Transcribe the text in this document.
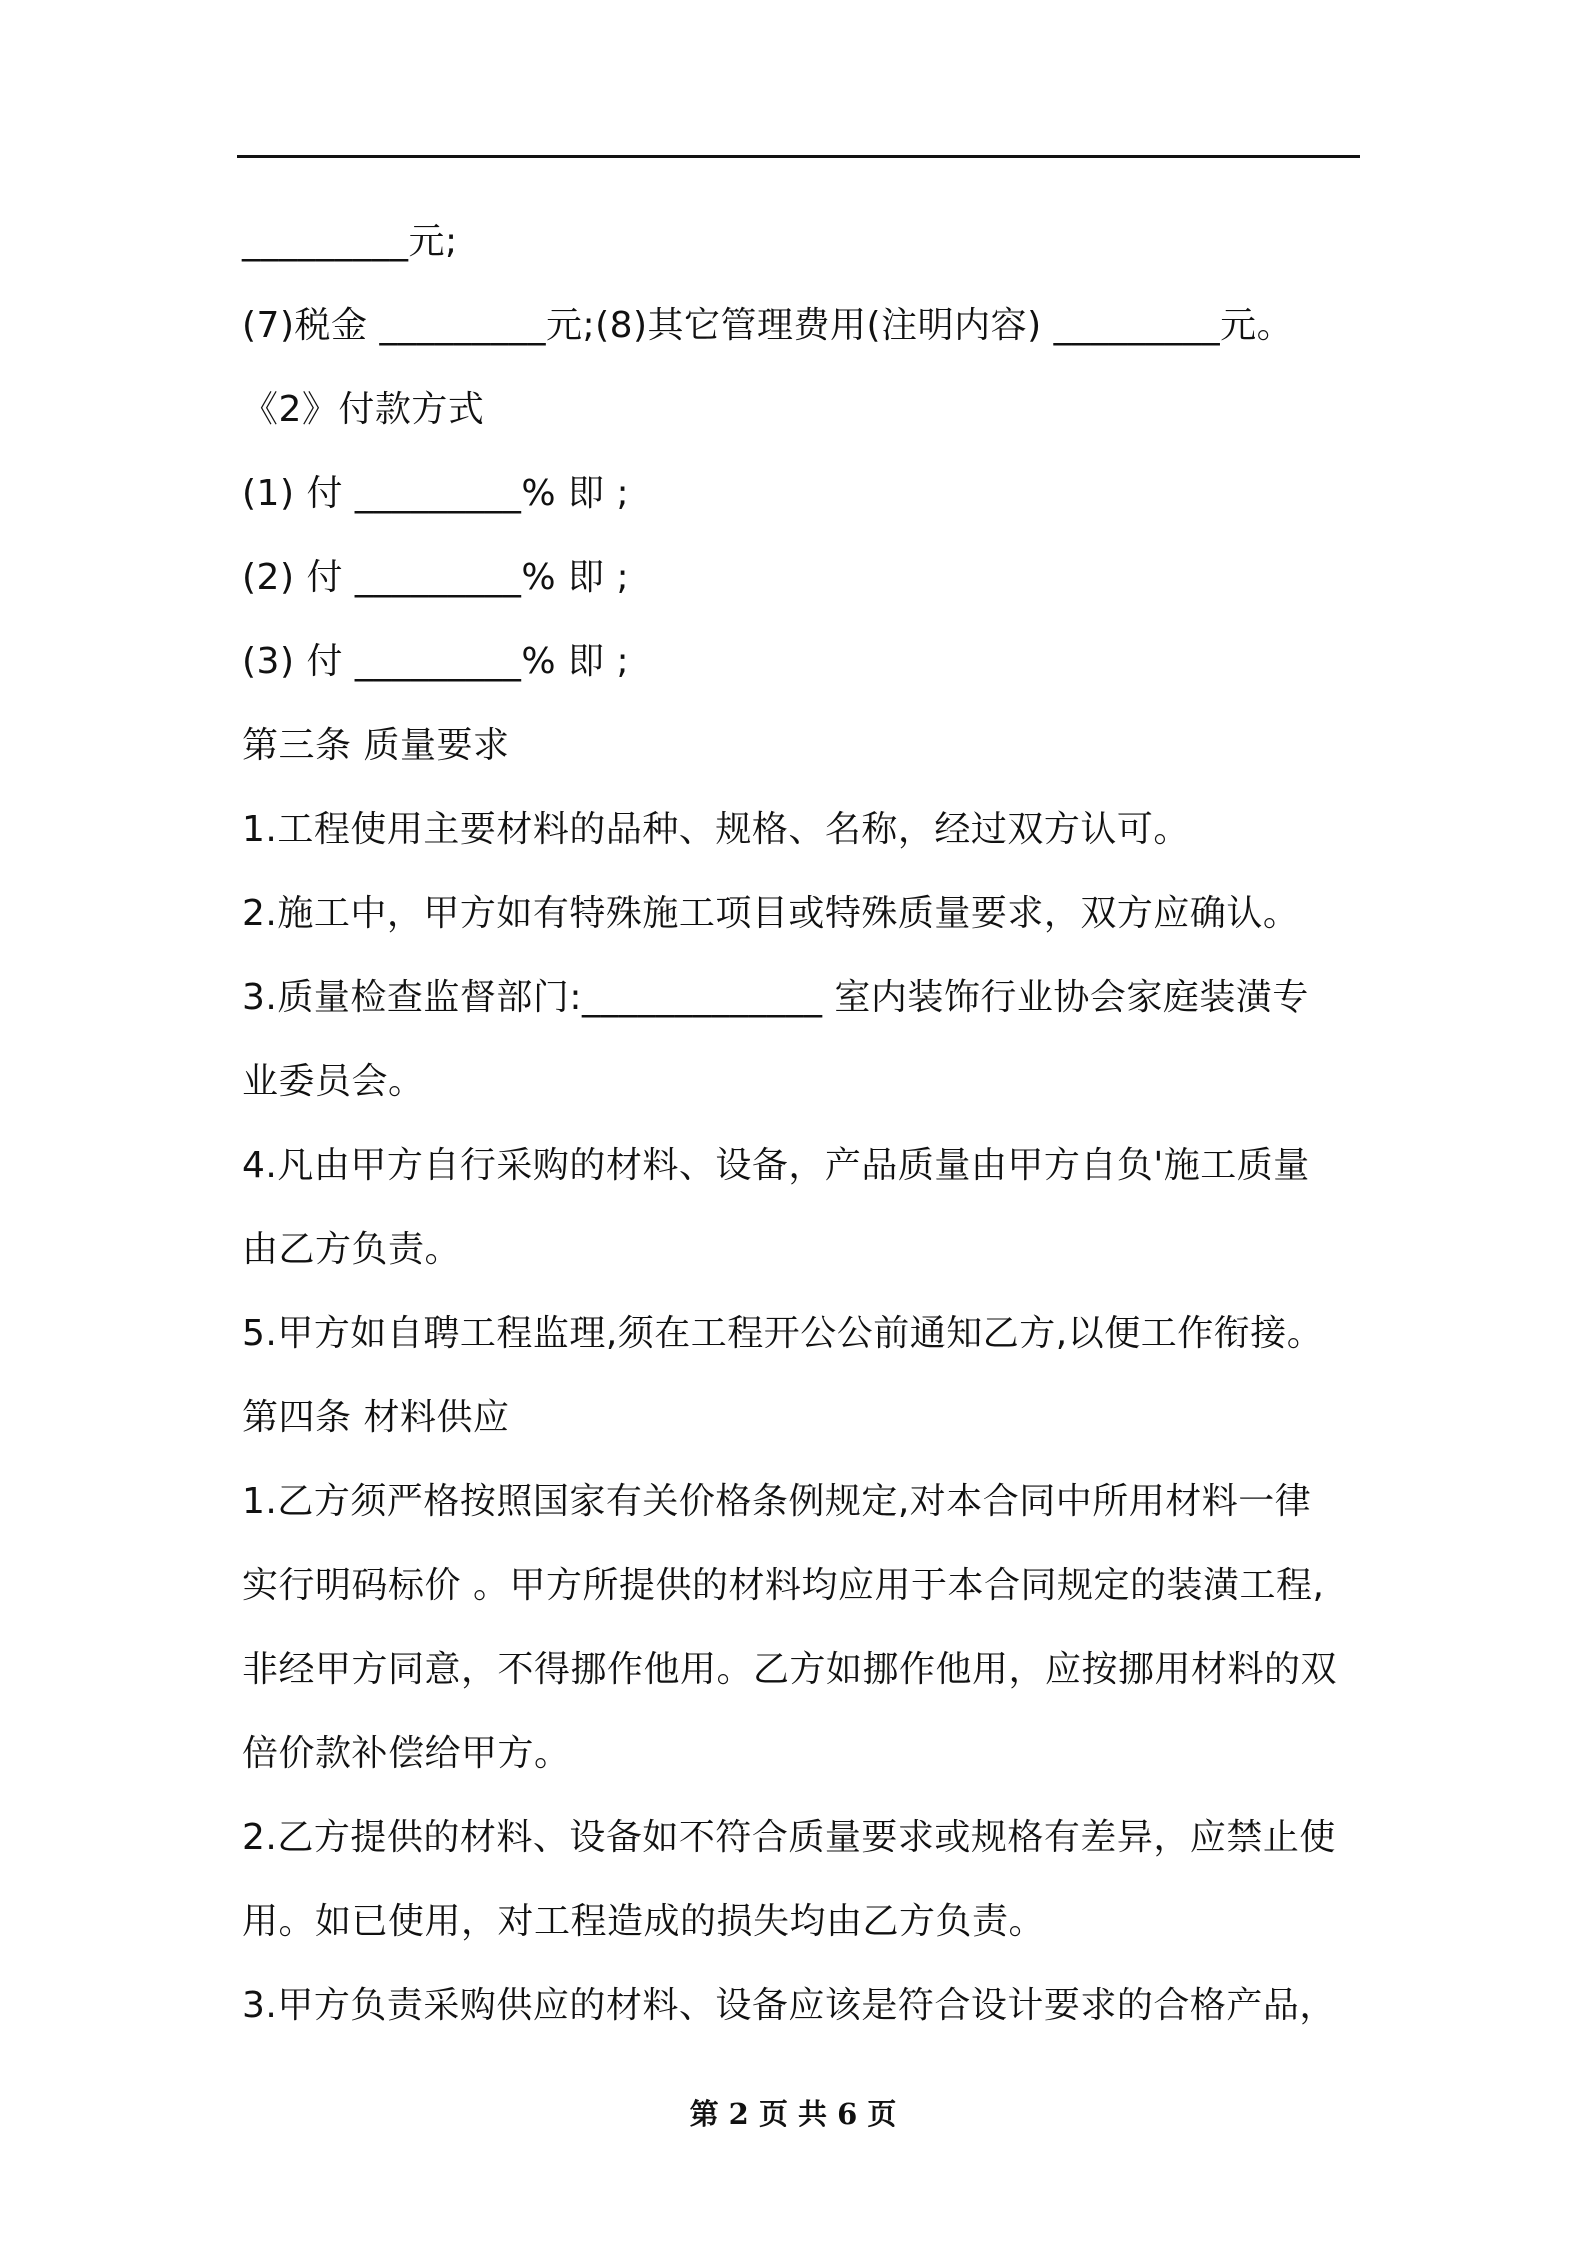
_________元;
(7)税金 _________元;(8)其它管理费用(注明内容) _________元。
《2》付款方式
(1) 付 _________% 即 ;
(2) 付 _________% 即 ;
(3) 付 _________% 即 ;
第三条 质量要求
1.工程使用主要材料的品种、规格、名称，经过双方认可。
2.施工中，甲方如有特殊施工项目或特殊质量要求，双方应确认。
3.质量检查监督部门:_____________ 室内装饰行业协会家庭装潢专
业委员会。
4.凡由甲方自行采购的材料、设备，产品质量由甲方自负'施工质量
由乙方负责。
5.甲方如自聘工程监理,须在工程开公公前通知乙方,以便工作衔接。
第四条 材料供应
1.乙方须严格按照国家有关价格条例规定,对本合同中所用材料一律
实行明码标价 。甲方所提供的材料均应用于本合同规定的装潢工程,
非经甲方同意，不得挪作他用。乙方如挪作他用，应按挪用材料的双
倍价款补偿给甲方。
2.乙方提供的材料、设备如不符合质量要求或规格有差异，应禁止使
用。如已使用，对工程造成的损失均由乙方负责。
3.甲方负责采购供应的材料、设备应该是符合设计要求的合格产品，
第 2 页 共 6 页
